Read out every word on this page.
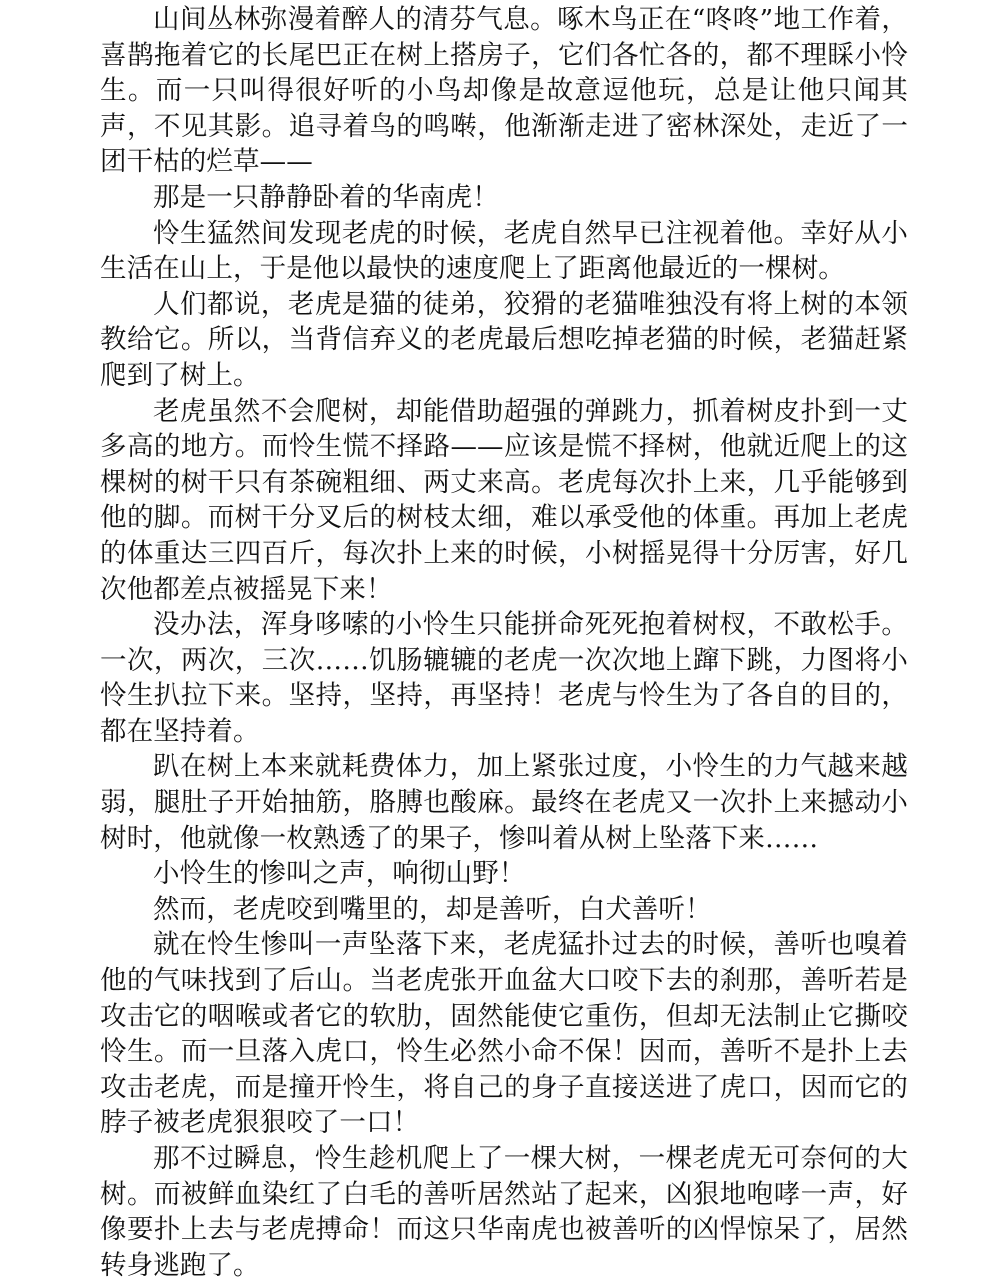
山间丛林弥漫着醉人的清芬气息。啄木鸟正在“咚咚”地工作着，喜鹊拖着它的长尾巴正在树上搭房子，它们各忙各的，都不理睬小怜生。而一只叫得很好听的小鸟却像是故意逗他玩，总是让他只闻其声，不见其影。追寻着鸟的鸣啭，他渐渐走进了密林深处，走近了一团干枯的烂草——

那是一只静静卧着的华南虎！

怜生猛然间发现老虎的时候，老虎自然早已注视着他。幸好从小生活在山上，于是他以最快的速度爬上了距离他最近的一棵树。

人们都说，老虎是猫的徒弟，狡猾的老猫唯独没有将上树的本领教给它。所以，当背信弃义的老虎最后想吃掉老猫的时候，老猫赶紧爬到了树上。

老虎虽然不会爬树，却能借助超强的弹跳力，抓着树皮扑到一丈多高的地方。而怜生慌不择路——应该是慌不择树，他就近爬上的这棵树的树干只有茶碗粗细、两丈来高。老虎每次扑上来，几乎能够到他的脚。而树干分叉后的树枝太细，难以承受他的体重。再加上老虎的体重达三四百斤，每次扑上来的时候，小树摇晃得十分厉害，好几次他都差点被摇晃下来！

没办法，浑身哆嗦的小怜生只能拼命死死抱着树杈，不敢松手。一次，两次，三次……饥肠辘辘的老虎一次次地上蹿下跳，力图将小怜生扒拉下来。坚持，坚持，再坚持！老虎与怜生为了各自的目的，都在坚持着。

趴在树上本来就耗费体力，加上紧张过度，小怜生的力气越来越弱，腿肚子开始抽筋，胳膊也酸麻。最终在老虎又一次扑上来撼动小树时，他就像一枚熟透了的果子，惨叫着从树上坠落下来……

小怜生的惨叫之声，响彻山野！

然而，老虎咬到嘴里的，却是善听，白犬善听！

就在怜生惨叫一声坠落下来，老虎猛扑过去的时候，善听也嗅着他的气味找到了后山。当老虎张开血盆大口咬下去的刹那，善听若是攻击它的咽喉或者它的软肋，固然能使它重伤，但却无法制止它撕咬怜生。而一旦落入虎口，怜生必然小命不保！因而，善听不是扑上去攻击老虎，而是撞开怜生，将自己的身子直接送进了虎口，因而它的脖子被老虎狠狠咬了一口！

那不过瞬息，怜生趁机爬上了一棵大树，一棵老虎无可奈何的大树。而被鲜血染红了白毛的善听居然站了起来，凶狠地咆哮一声，好像要扑上去与老虎搏命！而这只华南虎也被善听的凶悍惊呆了，居然转身逃跑了。
